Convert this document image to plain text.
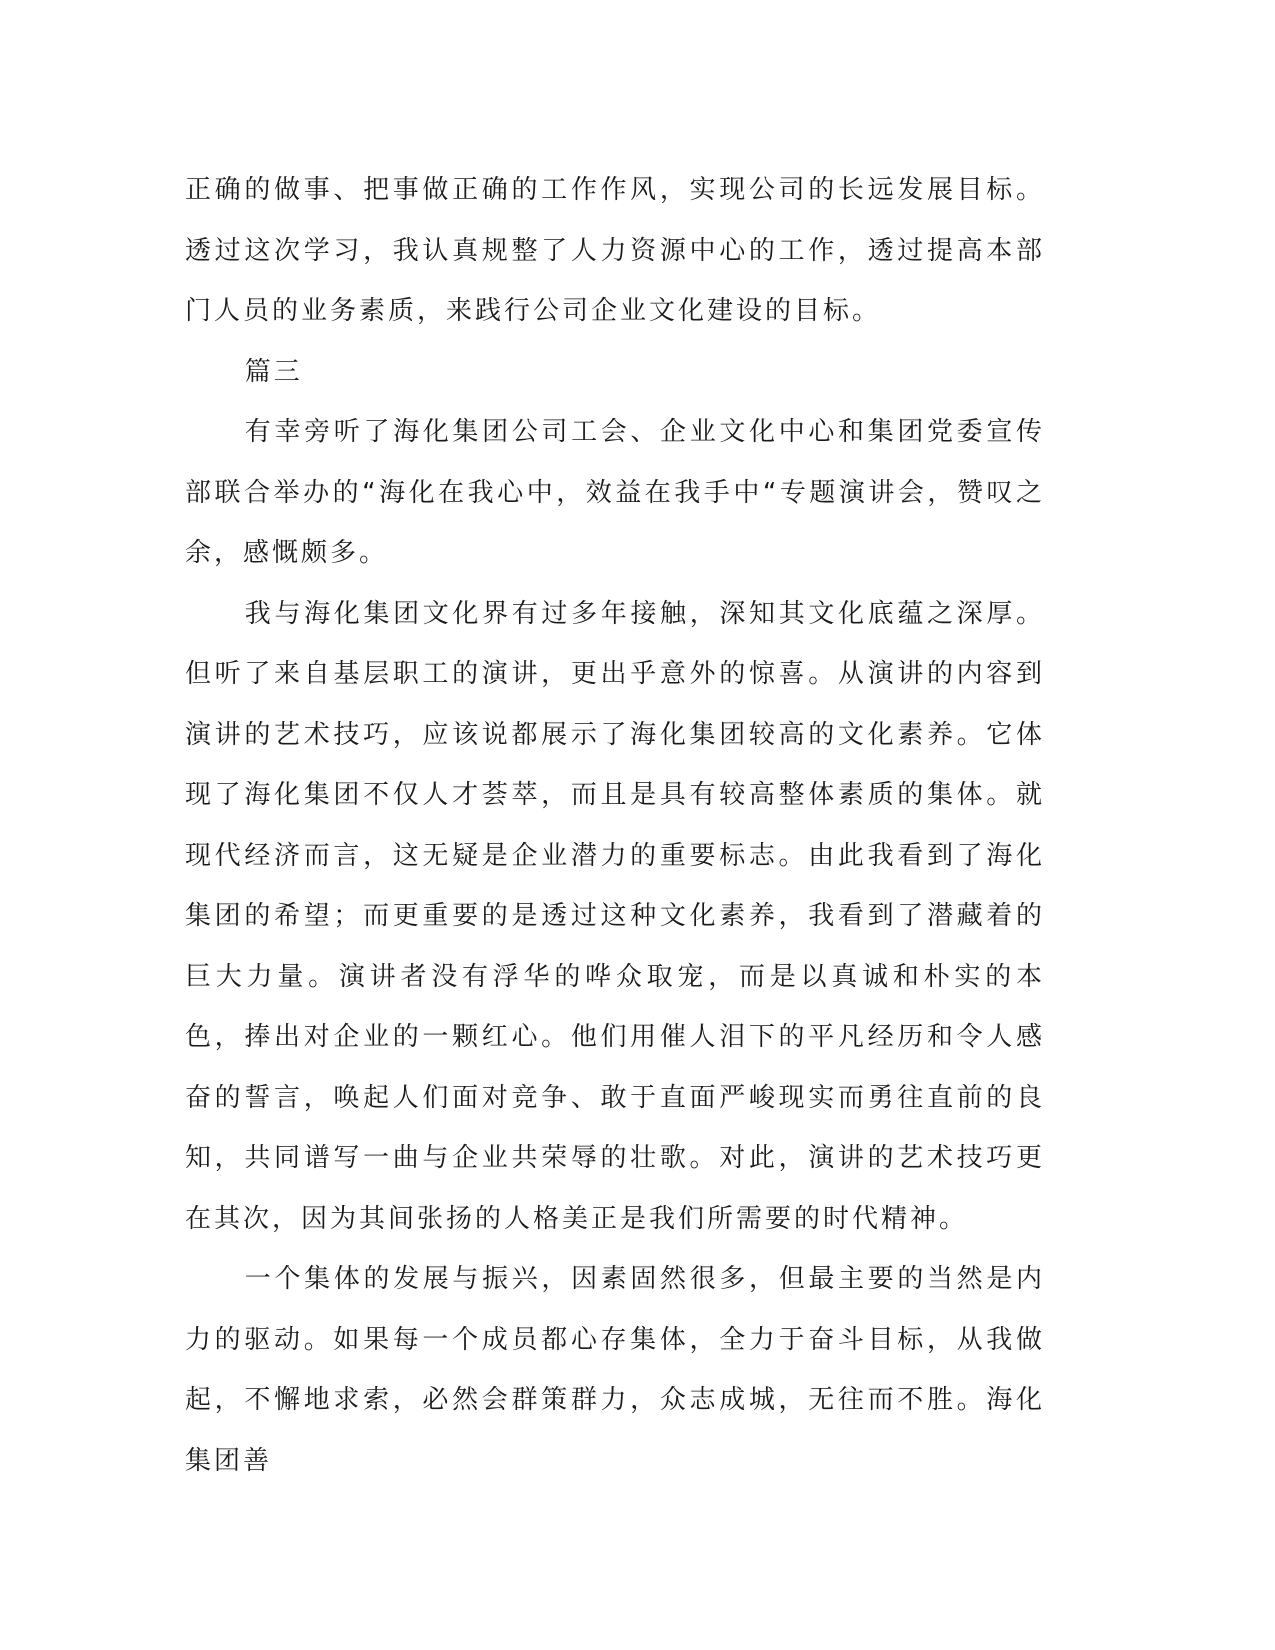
正确的做事、把事做正确的工作作风，实现公司的长远发展目标。透过这次学习，我认真规整了人力资源中心的工作，透过提高本部门人员的业务素质，来践行公司企业文化建设的目标。

篇三

有幸旁听了海化集团公司工会、企业文化中心和集团党委宣传部联合举办的“海化在我心中，效益在我手中“专题演讲会，赞叹之余，感慨颇多。

我与海化集团文化界有过多年接触，深知其文化底蕴之深厚。但听了来自基层职工的演讲，更出乎意外的惊喜。从演讲的内容到演讲的艺术技巧，应该说都展示了海化集团较高的文化素养。它体现了海化集团不仅人才荟萃，而且是具有较高整体素质的集体。就现代经济而言，这无疑是企业潜力的重要标志。由此我看到了海化集团的希望；而更重要的是透过这种文化素养，我看到了潜藏着的巨大力量。演讲者没有浮华的哗众取宠，而是以真诚和朴实的本色，捧出对企业的一颗红心。他们用催人泪下的平凡经历和令人感奋的誓言，唤起人们面对竞争、敢于直面严峻现实而勇往直前的良知，共同谱写一曲与企业共荣辱的壮歌。对此，演讲的艺术技巧更在其次，因为其间张扬的人格美正是我们所需要的时代精神。

一个集体的发展与振兴，因素固然很多，但最主要的当然是内力的驱动。如果每一个成员都心存集体，全力于奋斗目标，从我做起，不懈地求索，必然会群策群力，众志成城，无往而不胜。海化集团善
